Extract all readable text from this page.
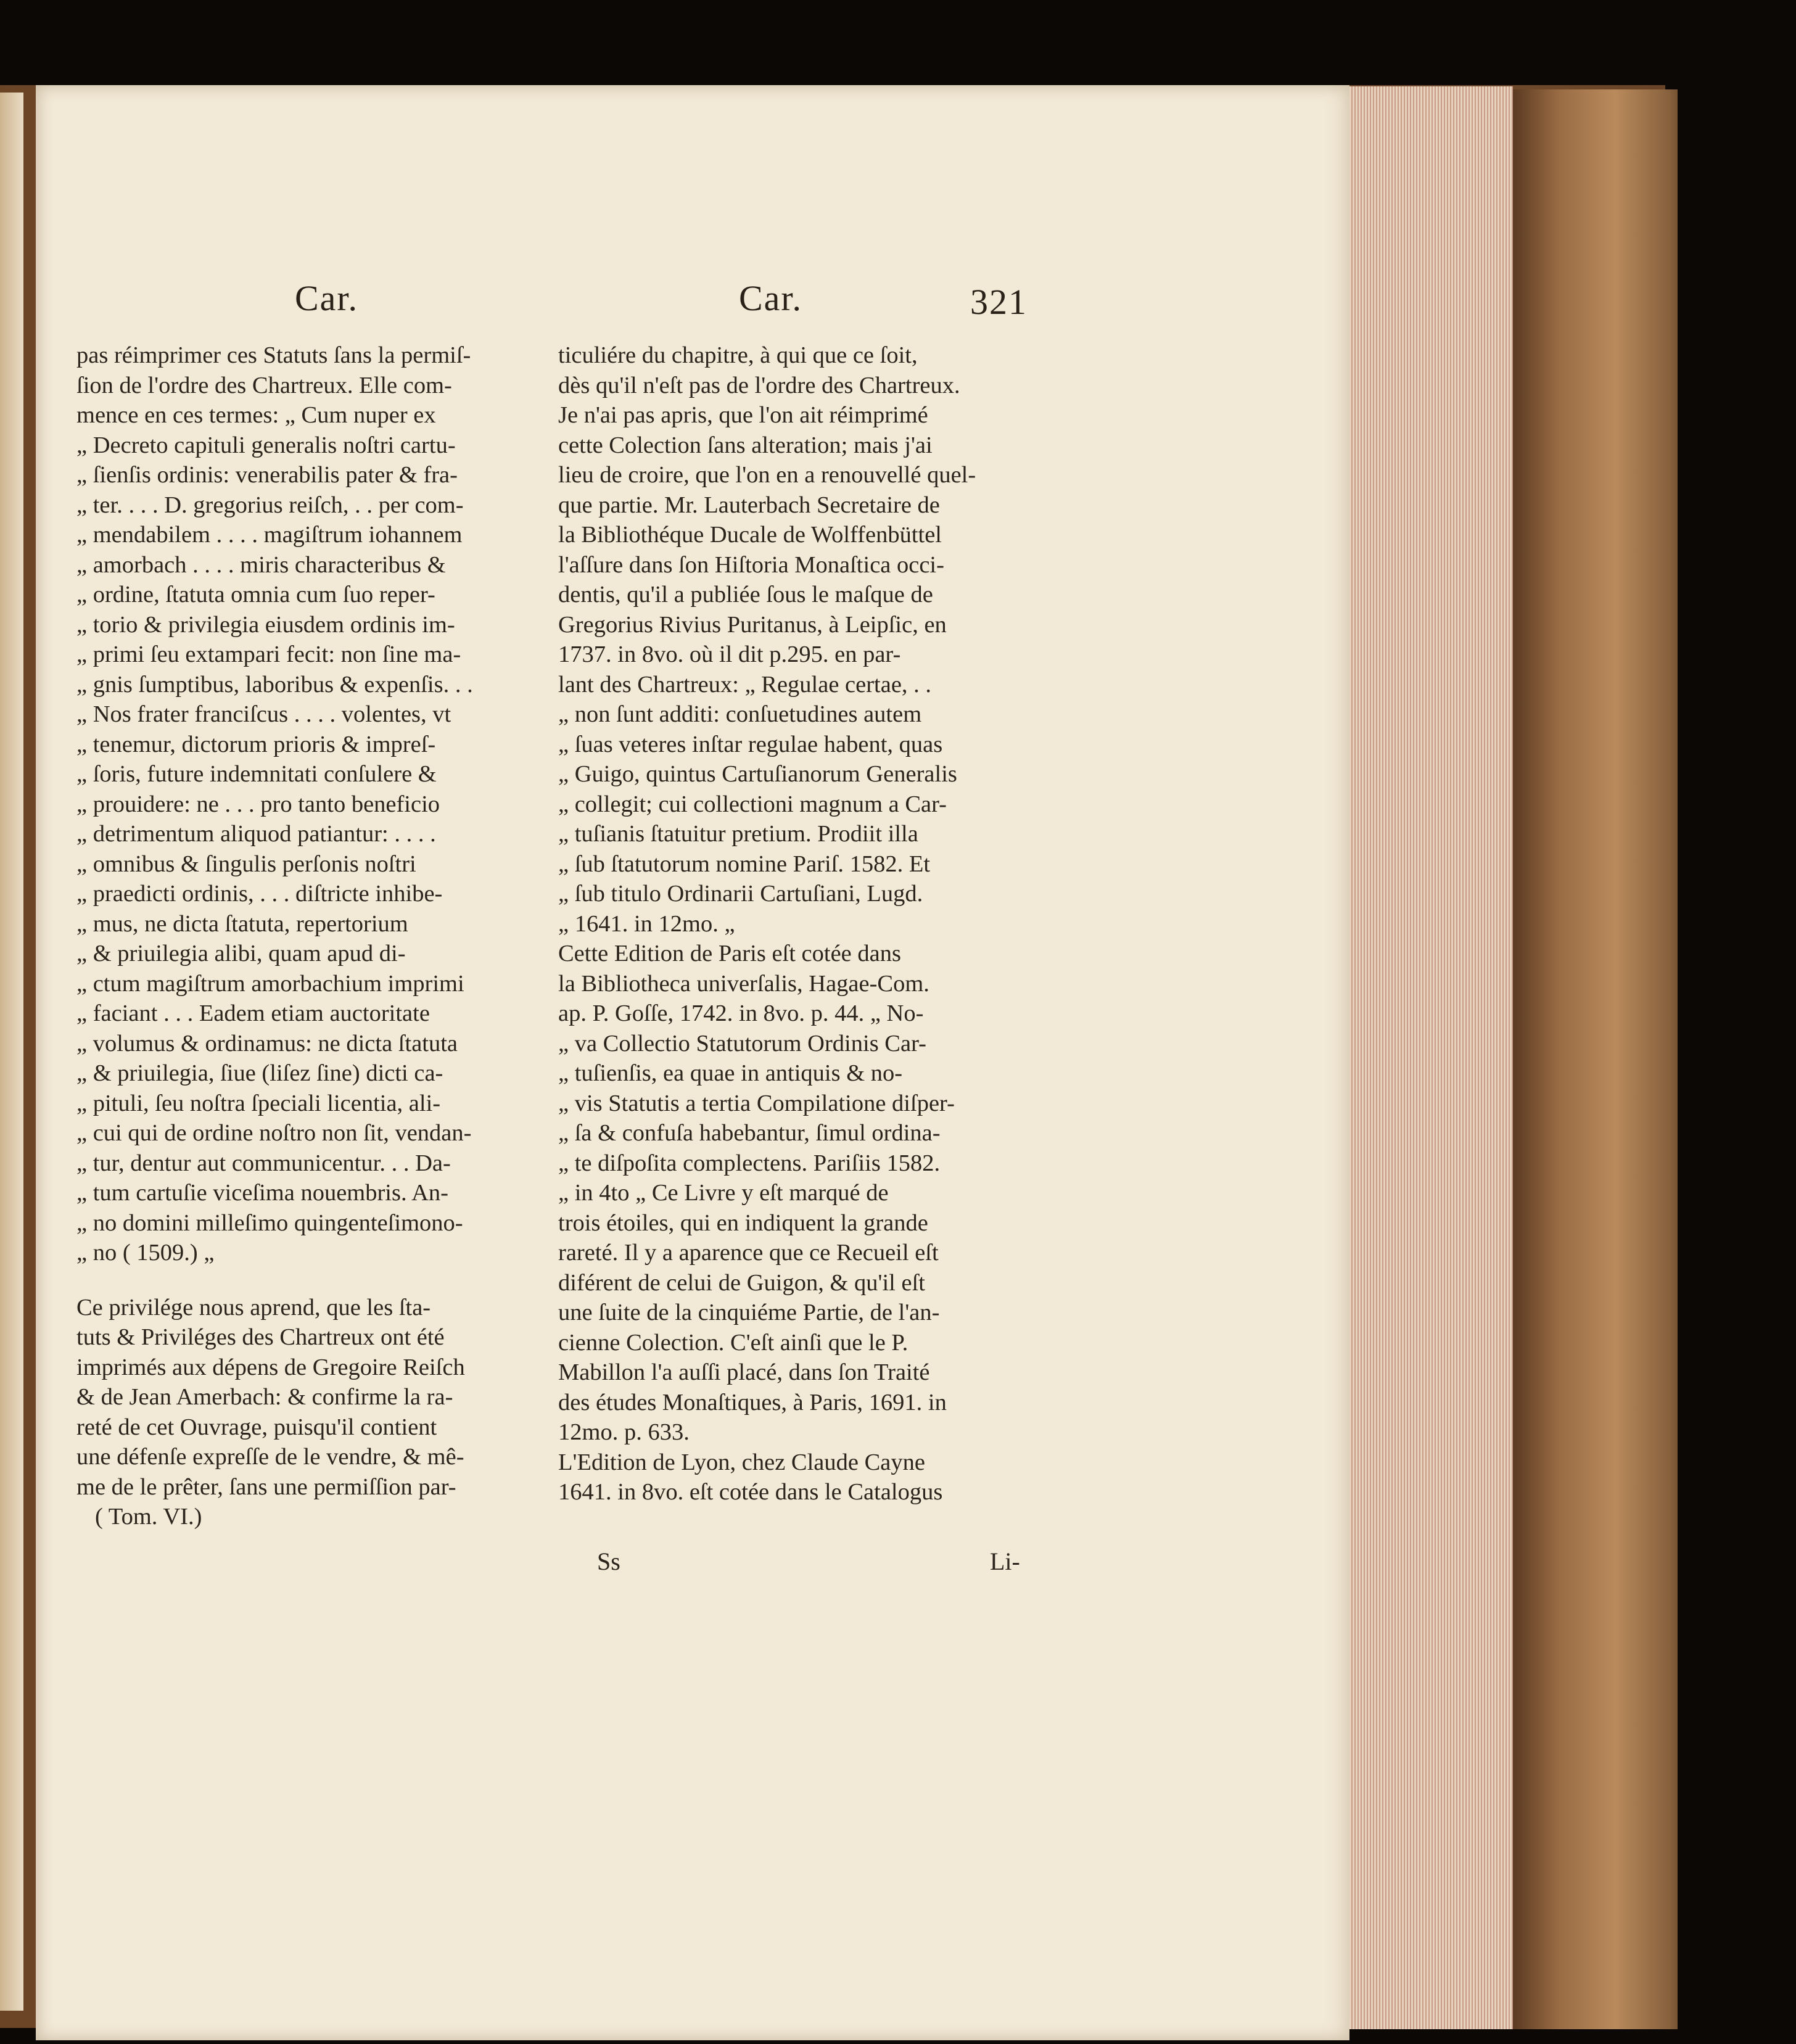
Car.	Car.	321
pas réimprimer ces Statuts ſans la permiſ-
ſion de l'ordre des Chartreux. Elle com-
mence en ces termes: „ Cum nuper ex
„ Decreto capituli generalis noſtri cartu-
„ ſienſis ordinis: venerabilis pater & fra-
„ ter. . . . D. gregorius reiſch, . . per com-
„ mendabilem . . . . magiſtrum iohannem
„ amorbach . . . . miris characteribus &
„ ordine, ſtatuta omnia cum ſuo reper-
„ torio & privilegia eiusdem ordinis im-
„ primi ſeu extampari fecit: non ſine ma-
„ gnis ſumptibus, laboribus & expenſis. . .
„ Nos frater franciſcus . . . . volentes, vt
„ tenemur, dictorum prioris & impreſ-
„ ſoris, future indemnitati conſulere &
„ prouidere: ne . . . pro tanto beneficio
„ detrimentum aliquod patiantur: . . . .
„ omnibus & ſingulis perſonis noſtri
„ praedicti ordinis, . . . diſtricte inhibe-
„ mus, ne dicta ſtatuta, repertorium
„ & priuilegia alibi, quam apud di-
„ ctum magiſtrum amorbachium imprimi
„ faciant . . . Eadem etiam auctoritate
„ volumus & ordinamus: ne dicta ſtatuta
„ & priuilegia, ſiue (liſez ſine) dicti ca-
„ pituli, ſeu noſtra ſpeciali licentia, ali-
„ cui qui de ordine noſtro non ſit, vendan-
„ tur, dentur aut communicentur. . . Da-
„ tum cartuſie viceſima nouembris. An-
„ no domini milleſimo quingenteſimono-
„ no ( 1509.) „
Ce privilége nous aprend, que les ſta-
tuts & Priviléges des Chartreux ont été
imprimés aux dépens de Gregoire Reiſch
& de Jean Amerbach: & confirme la ra-
reté de cet Ouvrage, puisqu'il contient
une défenſe expreſſe de le vendre, & mê-
me de le prêter, ſans une permiſſion par-
( Tom. VI.)
ticuliére du chapitre, à qui que ce ſoit,
dès qu'il n'eſt pas de l'ordre des Chartreux.
Je n'ai pas apris, que l'on ait réimprimé
cette Colection ſans alteration; mais j'ai
lieu de croire, que l'on en a renouvellé quel-
que partie. Mr. Lauterbach Secretaire de
la Bibliothéque Ducale de Wolffenbüttel
l'aſſure dans ſon Hiſtoria Monaſtica occi-
dentis, qu'il a publiée ſous le maſque de
Gregorius Rivius Puritanus, à Leipſic, en
1737. in 8vo. où il dit p.295. en par-
lant des Chartreux: „ Regulae certae, . .
„ non ſunt additi: conſuetudines autem
„ ſuas veteres inſtar regulae habent, quas
„ Guigo, quintus Cartuſianorum Generalis
„ collegit; cui collectioni magnum a Car-
„ tuſianis ſtatuitur pretium. Prodiit illa
„ ſub ſtatutorum nomine Pariſ. 1582. Et
„ ſub titulo Ordinarii Cartuſiani, Lugd.
„ 1641. in 12mo. „
Cette Edition de Paris eſt cotée dans
la Bibliotheca univerſalis, Hagae-Com.
ap. P. Goſſe, 1742. in 8vo. p. 44. „ No-
„ va Collectio Statutorum Ordinis Car-
„ tuſienſis, ea quae in antiquis & no-
„ vis Statutis a tertia Compilatione diſper-
„ ſa & confuſa habebantur, ſimul ordina-
„ te diſpoſita complectens. Pariſiis 1582.
„ in 4to „ Ce Livre y eſt marqué de
trois étoiles, qui en indiquent la grande
rareté. Il y a aparence que ce Recueil eſt
diférent de celui de Guigon, & qu'il eſt
une ſuite de la cinquiéme Partie, de l'an-
cienne Colection. C'eſt ainſi que le P.
Mabillon l'a auſſi placé, dans ſon Traité
des études Monaſtiques, à Paris, 1691. in
12mo. p. 633.
L'Edition de Lyon, chez Claude Cayne
1641. in 8vo. eſt cotée dans le Catalogus
Ss	Li-
